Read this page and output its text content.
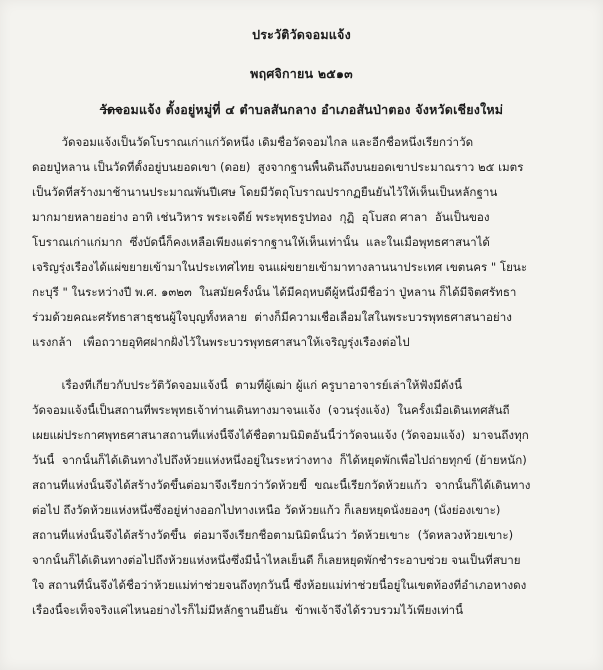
ประวัติวัดจอมแจ้ง
พฤศจิกายน ๒๕๑๓
วัดจอมแจ้ง ตั้งอยู่หมู่ที่ ๔ ตำบลสันกลาง อำเภอสันป่าตอง จังหวัดเชียงใหม่
วัดจอมแจ้งเป็นวัดโบราณเก่าแก่วัดหนึ่ง เดิมชื่อวัดจอมไกล และอีกชื่อหนึ่งเรียกว่าวัด
ดอยปู่หลาน เป็นวัดที่ตั้งอยู่บนยอดเขา (ดอย)  สูงจากฐานพื้นดินถึงบนยอดเขาประมาณราว ๒๕ เมตร
เป็นวัดที่สร้างมาช้านานประมาณพันปีเศษ โดยมีวัตถุโบราณปรากฏยืนยันไว้ให้เห็นเป็นหลักฐาน
มากมายหลายอย่าง อาทิ เช่นวิหาร พระเจดีย์ พระพุทธรูปทอง  กุฏิ  อุโบสถ ศาลา  อันเป็นของ
โบราณเก่าแก่มาก  ซึ่งบัดนี้ก็คงเหลือเพียงแต่รากฐานให้เห็นเท่านั้น  และในเมื่อพุทธศาสนาได้
เจริญรุ่งเรืองได้แผ่ขยายเข้ามาในประเทศไทย จนแผ่ขยายเข้ามาทางลานนาประเทศ เขตนคร " โยนะ
กะบุรี " ในระหว่างปี พ.ศ. ๑๓๒๓  ในสมัยครั้งนั้น ได้มีคฤหบดีผู้หนึ่งมีชื่อว่า ปู่หลาน ก็ได้มีจิตศรัทธา
ร่วมด้วยคณะศรัทธาสาธุชนผู้ใจบุญทั้งหลาย  ต่างก็มีความเชื่อเลื่อมใสในพระบวรพุทธศาสนาอย่าง
แรงกล้า   เพื่อถวายอุทิศฝากฝั่งไว้ในพระบวรพุทธศาสนาให้เจริญรุ่งเรืองต่อไป
เรื่องที่เกี่ยวกับประวัติวัดจอมแจ้งนี้  ตามที่ผู้เฒ่า ผู้แก่ ครูบาอาจารย์เล่าให้ฟังมีดังนี้
วัดจอมแจ้งนี้เป็นสถานที่พระพุทธเจ้าท่านเดินทางมาจนแจ้ง  (จวนรุ่งแจ้ง)  ในครั้งเมื่อเดินเทศสันถี
เผยแผ่ประกาศพุทธศาสนาสถานที่แห่งนี้จึงได้ชื่อตามนิมิตอันนี้ว่าวัดจนแจ้ง (วัดจอมแจ้ง)  มาจนถึงทุก
วันนี้  จากนั้นก็ได้เดินทางไปถึงห้วยแห่งหนึ่งอยู่ในระหว่างทาง  ก็ได้หยุดพักเพื่อไปถ่ายทุกข์ (ย้ายหนัก)
สถานที่แห่งนั้นจึงได้สร้างวัดขึ้นต่อมาจึงเรียกว่าวัดห้วยขี้  ขณะนี้เรียกวัดห้วยแก้ว  จากนั้นก็ได้เดินทาง
ต่อไป ถึงวัดห้วยแห่งหนึ่งซึ่งอยู่ห่างออกไปทางเหนือ วัดห้วยแก้ว ก็เลยหยุดนั่งยองๆ (นั่งย่องเขาะ)
สถานที่แห่งนั้นจึงได้สร้างวัดขึ้น  ต่อมาจึงเรียกชื่อตามนิมิตนั้นว่า วัดห้วยเขาะ  (วัดหลวงห้วยเขาะ)
จากนั้นก็ได้เดินทางต่อไปถึงห้วยแห่งหนึ่งซึ่งมีน้ำไหลเย็นดี ก็เลยหยุดพักชำระอาบซ่วย จนเป็นที่สบาย
ใจ สถานที่นั้นจึงได้ชื่อว่าห้วยแม่ท่าช่วยจนถึงทุกวันนี้ ซึ่งห้อยแม่ท่าช่วยนี้อยู่ในเขตท้องที่อำเภอหางดง
เรื่องนี้จะเท็จจริงแค่ไหนอย่างไรก็ไม่มีหลักฐานยืนยัน  ข้าพเจ้าจึงได้รวบรวมไว้เพียงเท่านี้
